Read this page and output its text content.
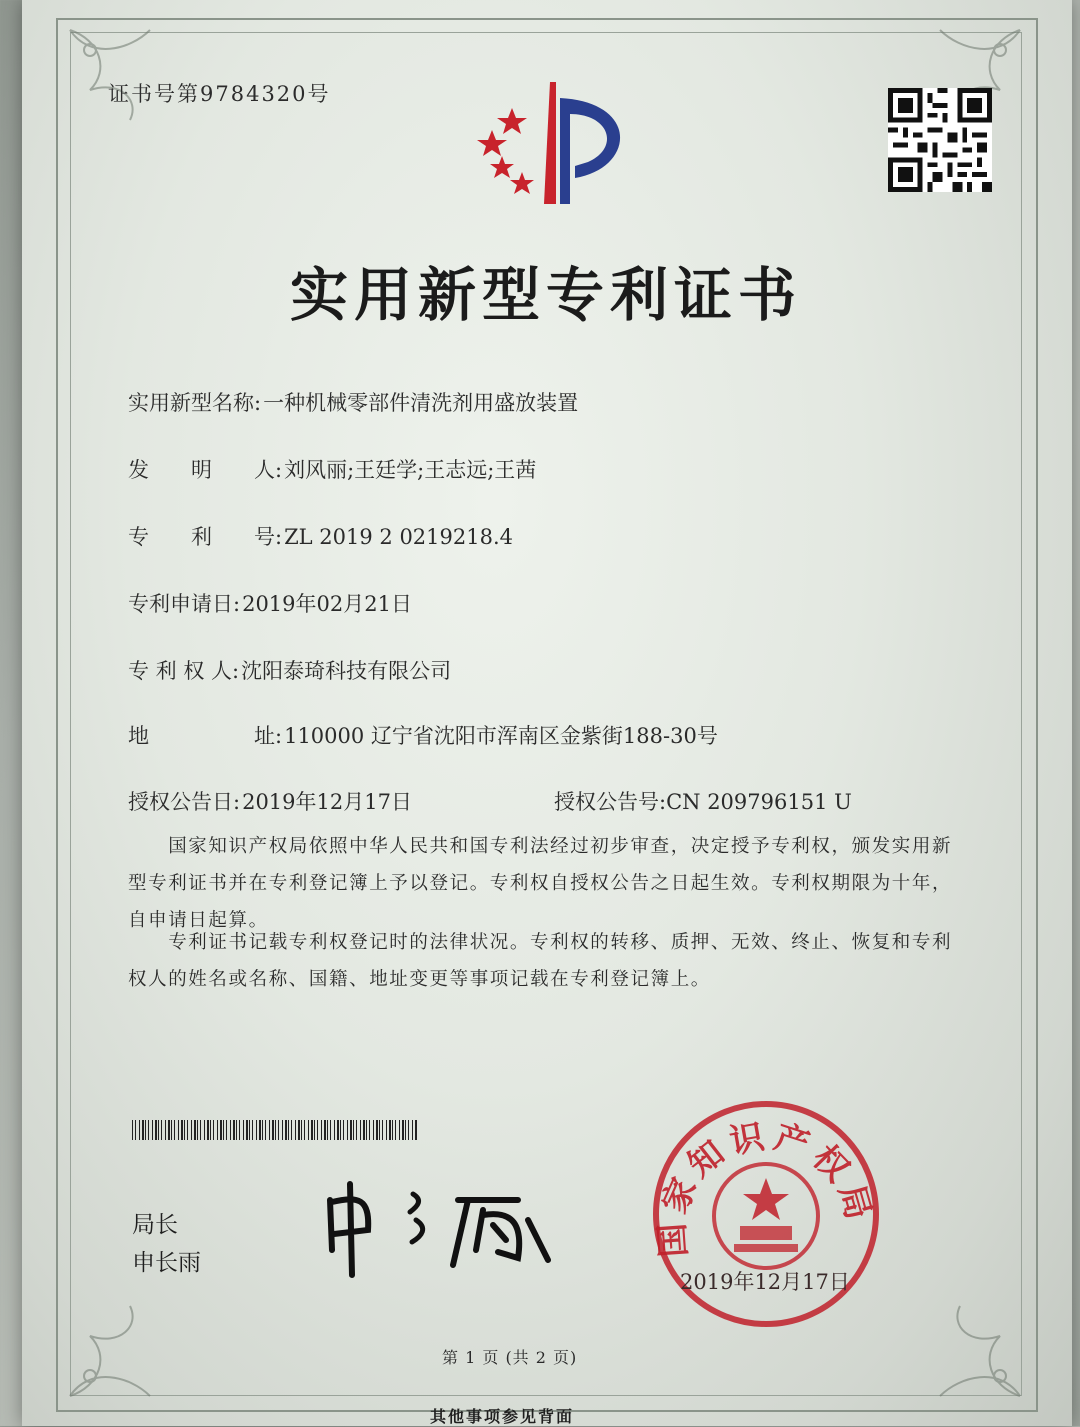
证书号第9784320号
实用新型专利证书
实用新型名称:一种机械零部件清洗剂用盛放装置
发　　明　　人:刘风丽;王廷学;王志远;王茜
专　　利　　号:ZL 2019 2 0219218.4
专利申请日:2019年02月21日
专 利 权 人:沈阳泰琦科技有限公司
地　　　　　址:110000 辽宁省沈阳市浑南区金紫街188-30号
授权公告日:2019年12月17日	授权公告号:CN 209796151 U
　　国家知识产权局依照中华人民共和国专利法经过初步审查，决定授予专利权，颁发实用新型专利证书并在专利登记簿上予以登记。专利权自授权公告之日起生效。专利权期限为十年，自申请日起算。
　　专利证书记载专利权登记时的法律状况。专利权的转移、质押、无效、终止、恢复和专利权人的姓名或名称、国籍、地址变更等事项记载在专利登记簿上。
局长
申长雨
国家知识产权局
2019年12月17日
第 1 页 (共 2 页)
其他事项参见背面
